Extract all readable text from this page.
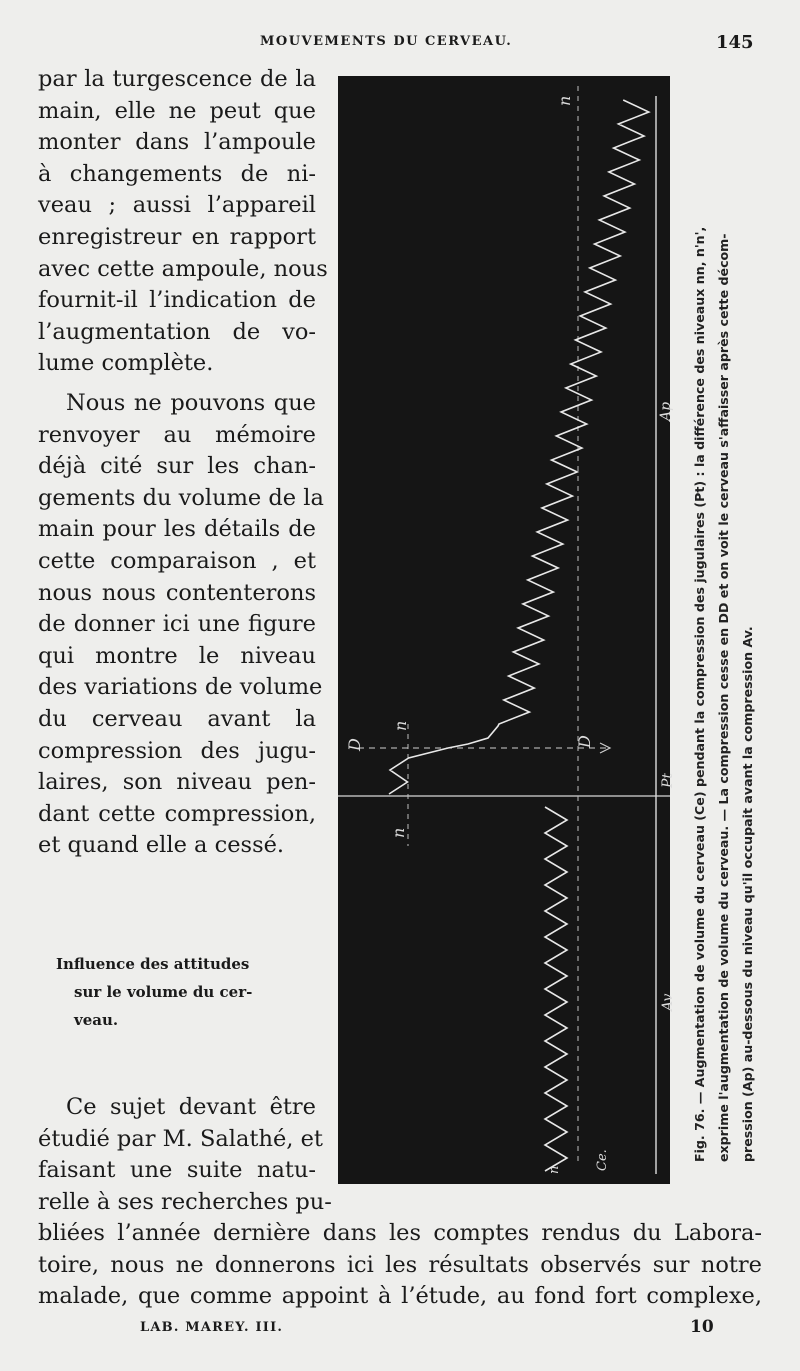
MOUVEMENTS DU CERVEAU.	145
par la turgescence de la
main, elle ne peut que
monter dans l’ampoule
à changements de ni-
veau ; aussi l’appareil
enregistreur en rapport
avec cette ampoule, nous
fournit-il l’indication de
l’augmentation de vo-
lume complète.
Nous ne pouvons que
renvoyer au mémoire
déjà cité sur les chan-
gements du volume de la
main pour les détails de
cette comparaison , et
nous nous contenterons
de donner ici une figure
qui montre le niveau
des variations de volume
du cerveau avant la
compression des jugu-
laires, son niveau pen-
dant cette compression,
et quand elle a cessé.
Influence des attitudes
sur le volume du cer-
veau.
Ce sujet devant être
étudié par M. Salathé, et
faisant une suite natu-
relle à ses recherches pu-
bliées l’année dernière dans les comptes rendus du Labora-
toire, nous ne donnerons ici les résultats observés sur notre
malade, que comme appoint à l’étude, au fond fort complexe,
n
n
D	D
n
Pt
Ap
Av
Ce.
n
Fig. 76. — Augmentation de volume du cerveau (Ce) pendant la compression des jugulaires (Pt) : la différence des niveaux nn, n'n', exprime l'augmentation de volume du cerveau. — La compression cesse en DD et on voit le cerveau s'affaisser après cette décom- pression (Ap) au-dessous du niveau qu'il occupait avant la compression Av.
LAB. MAREY. III.	10
